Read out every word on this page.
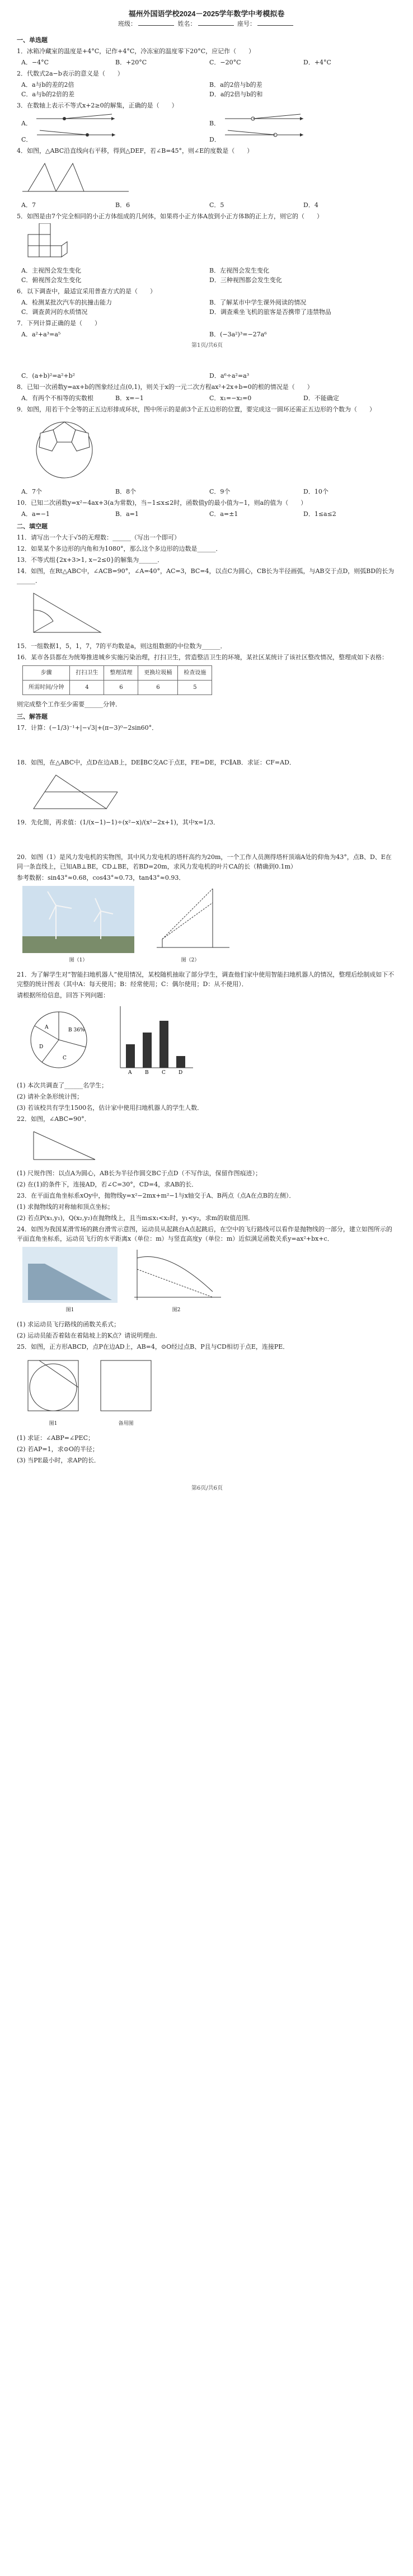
福州外国语学校2024－2025学年数学中考模拟卷
班级：	姓名：	座号：
一、单选题
1．冰箱冷藏室的温度是+4°C，记作+4°C，冷冻室的温度零下20°C，应记作（　　）
A．−4°C	B．+20°C	C．−20°C	D．+4°C
2．代数式2a−b表示的意义是（　　）
A．a与b的差的2倍	B．a的2倍与b的差
C．a与b的2倍的差	D．a的2倍与b的和
3．在数轴上表示不等式x+2≥0的解集，正确的是（　　）
A．	B．
C．	D．
4．如图，△ABC沿直线向右平移，得到△DEF，若∠B=45°，则∠E的度数是（　　）
A．7	B．6	C．5	D．4
5．如图是由7个完全相同的小正方体组成的几何体，如果将小正方体A放到小正方体B的正上方，则它的（　　）
A．主视图会发生变化	B．左视图会发生变化
C．俯视图会发生变化	D．三种视图都会发生变化
6．以下调查中，最适宜采用普查方式的是（　　）
A．检测某批次汽车的抗撞击能力	B．了解某市中学生课外阅读的情况
C．调查黄河的水质情况	D．调查乘坐飞机的旅客是否携带了违禁物品
7．下列计算正确的是（　　）
A．a²+a³=a⁵	B．(−3a²)³=−27a⁶
第1页/共6页
C．(a+b)²=a²+b²	D．a⁶÷a²=a³
8．已知一次函数y=ax+b的图象经过点(0,1)，则关于x的一元二次方程ax²+2x+b=0的根的情况是（　　）
A．有两个不相等的实数根	B．x=−1	C．x₁=−x₂=0	D．不能确定
9．如图，用若干个全等的正五边形排成环状，图中所示的是前3个正五边形的位置，要完成这一圆环还需正五边形的个数为（　　）
A．7个	B．8个	C．9个	D．10个
10．已知二次函数y=x²−4ax+3(a为常数)，当−1≤x≤2时，函数值y的最小值为−1，则a的值为（　　）
A．a=−1	B．a=1	C．a=±1	D．1≤a≤2
二、填空题
11．请写出一个大于√5的无理数：______（写出一个即可）
12．如果某个多边形的内角和为1080°，那么这个多边形的边数是______．
13．不等式组{2x+3>1, x−2≤0}的解集为______．
14．如图，在Rt△ABC中，∠ACB=90°，∠A=40°，AC=3，BC=4，以点C为圆心，CB长为半径画弧，与AB交于点D，则弧BD的长为______．
15．一组数据1，5，1，7，7的平均数是a，则这组数据的中位数为______．
16．某市各县都在为统筹推进城乡实施污染治理，打扫卫生，营造整洁卫生的环境，某社区某统计了该社区整改情况，整理成如下表格：
步骤	打扫卫生	整理清理	更换垃圾桶	检查设施
所需时间/分钟	4	6	6	5
则完成整个工作至少需要______分钟．
三、解答题
17．计算：(−1/3)⁻¹+|−√3|+(π−3)⁰−2sin60°．
18．如图，在△ABC中，点D在边AB上，DE∥BC交AC于点E，FE=DE，FC∥AB．求证：CF=AD．
19．先化简，再求值：(1/(x−1)−1)÷(x²−x)/(x²−2x+1)，其中x=1/3．
20．如图（1）是风力发电机的实物图，其中风力发电机的塔杆高约为20m，一个工作人员测得塔杆顶端A处的仰角为43°，点B、D、E在同一条直线上，已知AB⊥BE，CD⊥BE，若BD=20m，求风力发电机的叶片CA的长（精确到0.1m）
参考数据：sin43°≈0.68，cos43°≈0.73，tan43°≈0.93．
图（1）	图（2）
21．为了解学生对“智能扫地机器人”使用情况，某校随机抽取了部分学生，调查他们家中使用智能扫地机器人的情况，整理后绘制成如下不完整的统计图表（其中A：每天使用；B：经常使用；C：偶尔使用；D：从不使用）．
请根据所给信息，回答下列问题：
A	B 36%
C
D
A	B	C	D
(1) 本次共调查了______名学生；
(2) 请补全条形统计图；
(3) 若该校共有学生1500名，估计家中使用扫地机器人的学生人数．
22．如图，∠ABC=90°．
(1) 尺规作图：以点A为圆心，AB长为半径作圆交BC于点D（不写作法，保留作图痕迹）；
(2) 在(1)的条件下，连接AD，若∠C=30°，CD=4，求AB的长．
23．在平面直角坐标系xOy中，抛物线y=x²−2mx+m²−1与x轴交于A、B两点（点A在点B的左侧）．
(1) 求抛物线的对称轴和顶点坐标；
(2) 若点P(x₁,y₁)，Q(x₂,y₂)在抛物线上，且当m≤x₁<x₂时，y₁<y₂，求m的取值范围．
24．如图为我国某滑雪场的跳台滑雪示意图，运动员从起跳台A点起跳后，在空中的飞行路线可以看作是抛物线的一部分，建立如图所示的平面直角坐标系，运动员飞行的水平距离x（单位：m）与竖直高度y（单位：m）近似满足函数关系y=ax²+bx+c．
图1	图2
(1) 求运动员飞行路线的函数关系式；
(2) 运动员能否着陆在着陆坡上的K点？请说明理由．
25．如图，正方形ABCD，点P在边AD上，AB=4，⊙O经过点B、P且与CD相切于点E，连接PE．
图1	备用图
(1) 求证：∠ABP=∠PEC；
(2) 若AP=1，求⊙O的半径；
(3) 当PE最小时，求AP的长．
第6页/共6页
